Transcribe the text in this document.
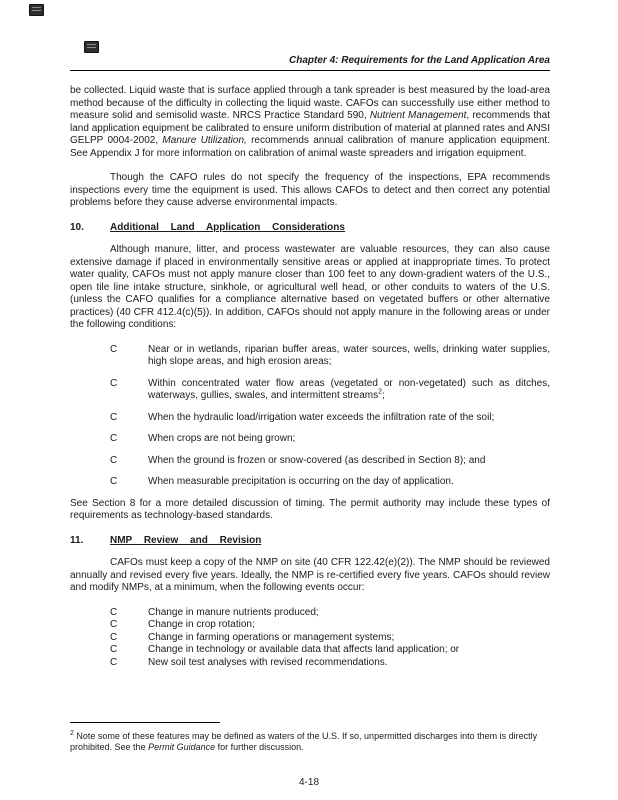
Chapter 4: Requirements for the Land Application Area

be collected. Liquid waste that is surface applied through a tank spreader is best measured by the load-area method because of the difficulty in collecting the liquid waste. CAFOs can successfully use either method to measure solid and semisolid waste. NRCS Practice Standard 590, Nutrient Management, recommends that land application equipment be calibrated to ensure uniform distribution of material at planned rates and ANSI GELPP 0004-2002, Manure Utilization, recommends annual calibration of manure application equipment. See Appendix J for more information on calibration of animal waste spreaders and irrigation equipment.

Though the CAFO rules do not specify the frequency of the inspections, EPA recommends inspections every time the equipment is used. This allows CAFOs to detect and then correct any potential problems before they cause adverse environmental impacts.

10.	Additional Land Application Considerations

Although manure, litter, and process wastewater are valuable resources, they can also cause extensive damage if placed in environmentally sensitive areas or applied at inappropriate times. To protect water quality, CAFOs must not apply manure closer than 100 feet to any down-gradient waters of the U.S., open tile line intake structure, sinkhole, or agricultural well head, or other conduits to waters of the U.S. (unless the CAFO qualifies for a compliance alternative based on vegetated buffers or other alternative practices) (40 CFR 412.4(c)(5)). In addition, CAFOs should not apply manure in the following areas or under the following conditions:

C	Near or in wetlands, riparian buffer areas, water sources, wells, drinking water supplies, high slope areas, and high erosion areas;
C	Within concentrated water flow areas (vegetated or non-vegetated) such as ditches, waterways, gullies, swales, and intermittent streams$^2$;
C	When the hydraulic load/irrigation water exceeds the infiltration rate of the soil;
C	When crops are not being grown;
C	When the ground is frozen or snow-covered (as described in Section 8); and
C	When measurable precipitation is occurring on the day of application.

See Section 8 for a more detailed discussion of timing. The permit authority may include these types of requirements as technology-based standards.

11.	NMP Review and Revision

CAFOs must keep a copy of the NMP on site (40 CFR 122.42(e)(2)). The NMP should be reviewed annually and revised every five years. Ideally, the NMP is re-certified every five years. CAFOs should review and modify NMPs, at a minimum, when the following events occur:

C	Change in manure nutrients produced;
C	Change in crop rotation;
C	Change in farming operations or management systems;
C	Change in technology or available data that affects land application; or
C	New soil test analyses with revised recommendations.

$^2$ Note some of these features may be defined as waters of the U.S. If so, unpermitted discharges into them is directly prohibited. See the Permit Guidance for further discussion.

4-18
